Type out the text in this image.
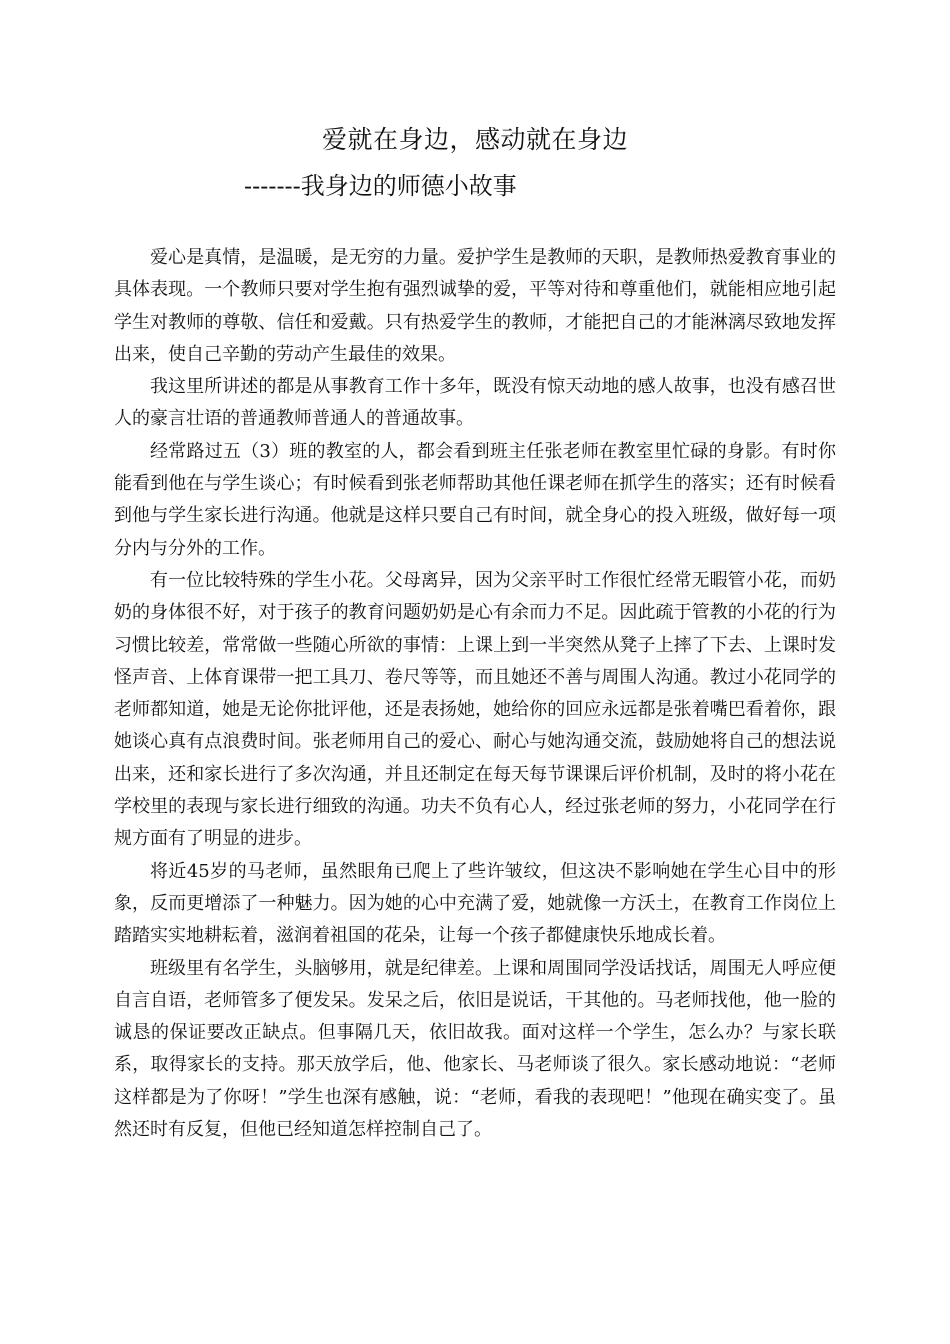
爱就在身边，感动就在身边
-------我身边的师德小故事

爱心是真情，是温暖，是无穷的力量。爱护学生是教师的天职，是教师热爱教育事业的具体表现。一个教师只要对学生抱有强烈诚挚的爱，平等对待和尊重他们，就能相应地引起学生对教师的尊敬、信任和爱戴。只有热爱学生的教师，才能把自己的才能淋漓尽致地发挥出来，使自己辛勤的劳动产生最佳的效果。

我这里所讲述的都是从事教育工作十多年，既没有惊天动地的感人故事，也没有感召世人的豪言壮语的普通教师普通人的普通故事。

经常路过五（3）班的教室的人，都会看到班主任张老师在教室里忙碌的身影。有时你能看到他在与学生谈心；有时候看到张老师帮助其他任课老师在抓学生的落实；还有时候看到他与学生家长进行沟通。他就是这样只要自己有时间，就全身心的投入班级，做好每一项分内与分外的工作。

有一位比较特殊的学生小花。父母离异，因为父亲平时工作很忙经常无暇管小花，而奶奶的身体很不好，对于孩子的教育问题奶奶是心有余而力不足。因此疏于管教的小花的行为习惯比较差，常常做一些随心所欲的事情：上课上到一半突然从凳子上摔了下去、上课时发怪声音、上体育课带一把工具刀、卷尺等等，而且她还不善与周围人沟通。教过小花同学的老师都知道，她是无论你批评他，还是表扬她，她给你的回应永远都是张着嘴巴看着你，跟她谈心真有点浪费时间。张老师用自己的爱心、耐心与她沟通交流，鼓励她将自己的想法说出来，还和家长进行了多次沟通，并且还制定在每天每节课课后评价机制，及时的将小花在学校里的表现与家长进行细致的沟通。功夫不负有心人，经过张老师的努力，小花同学在行规方面有了明显的进步。

将近45岁的马老师，虽然眼角已爬上了些许皱纹，但这决不影响她在学生心目中的形象，反而更增添了一种魅力。因为她的心中充满了爱，她就像一方沃土，在教育工作岗位上踏踏实实地耕耘着，滋润着祖国的花朵，让每一个孩子都健康快乐地成长着。

班级里有名学生，头脑够用，就是纪律差。上课和周围同学没话找话，周围无人呼应便自言自语，老师管多了便发呆。发呆之后，依旧是说话，干其他的。马老师找他，他一脸的诚恳的保证要改正缺点。但事隔几天，依旧故我。面对这样一个学生，怎么办？与家长联系，取得家长的支持。那天放学后，他、他家长、马老师谈了很久。家长感动地说：“老师这样都是为了你呀！”学生也深有感触，说：“老师，看我的表现吧！”他现在确实变了。虽然还时有反复，但他已经知道怎样控制自己了。
